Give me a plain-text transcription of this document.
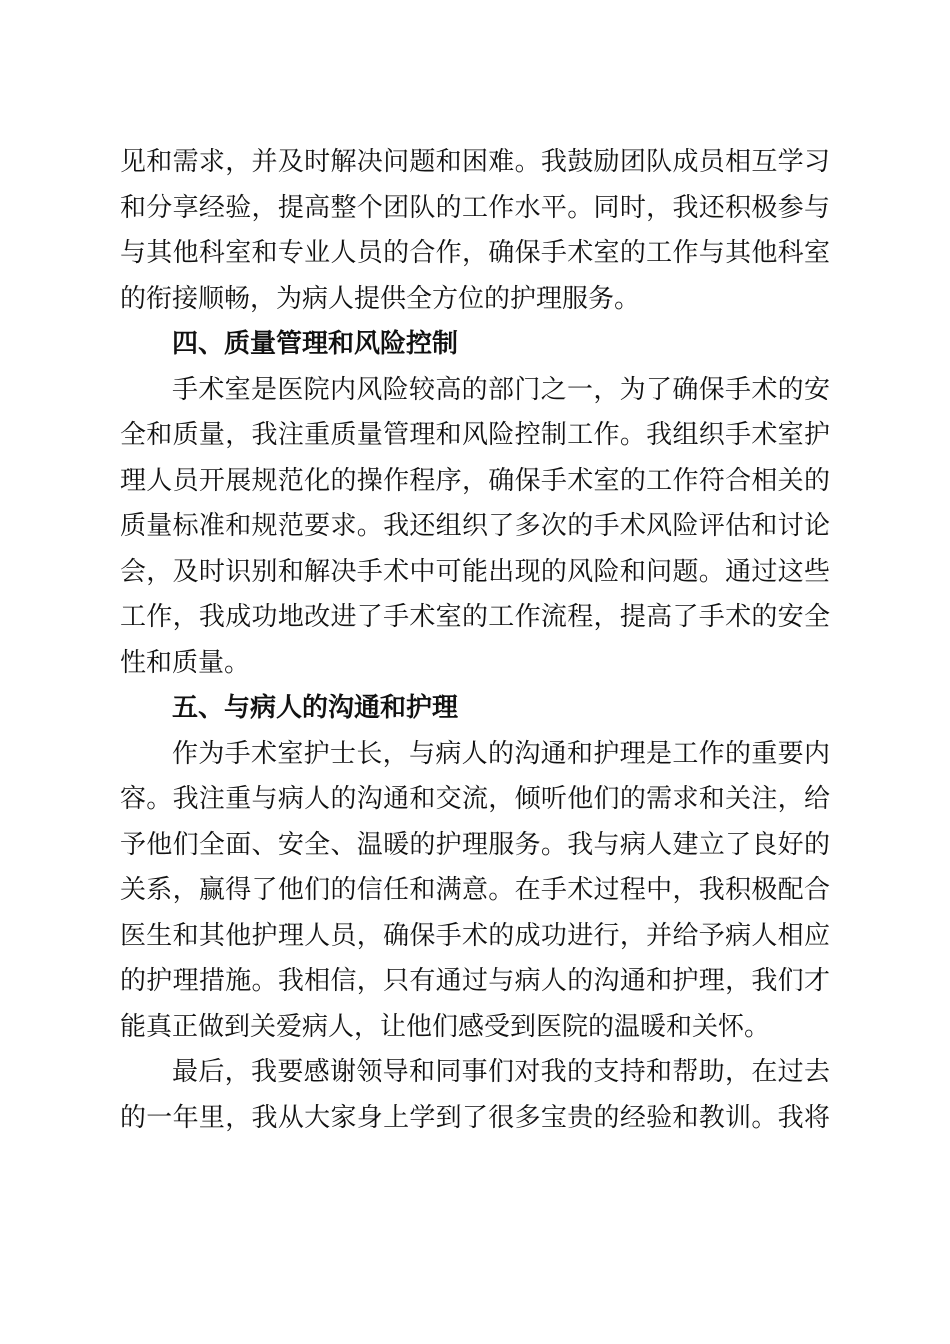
见和需求，并及时解决问题和困难。我鼓励团队成员相互学习
和分享经验，提高整个团队的工作水平。同时，我还积极参与
与其他科室和专业人员的合作，确保手术室的工作与其他科室
的衔接顺畅，为病人提供全方位的护理服务。
四、质量管理和风险控制
手术室是医院内风险较高的部门之一，为了确保手术的安
全和质量，我注重质量管理和风险控制工作。我组织手术室护
理人员开展规范化的操作程序，确保手术室的工作符合相关的
质量标准和规范要求。我还组织了多次的手术风险评估和讨论
会，及时识别和解决手术中可能出现的风险和问题。通过这些
工作，我成功地改进了手术室的工作流程，提高了手术的安全
性和质量。
五、与病人的沟通和护理
作为手术室护士长，与病人的沟通和护理是工作的重要内
容。我注重与病人的沟通和交流，倾听他们的需求和关注，给
予他们全面、安全、温暖的护理服务。我与病人建立了良好的
关系，赢得了他们的信任和满意。在手术过程中，我积极配合
医生和其他护理人员，确保手术的成功进行，并给予病人相应
的护理措施。我相信，只有通过与病人的沟通和护理，我们才
能真正做到关爱病人，让他们感受到医院的温暖和关怀。
最后，我要感谢领导和同事们对我的支持和帮助，在过去
的一年里，我从大家身上学到了很多宝贵的经验和教训。我将
